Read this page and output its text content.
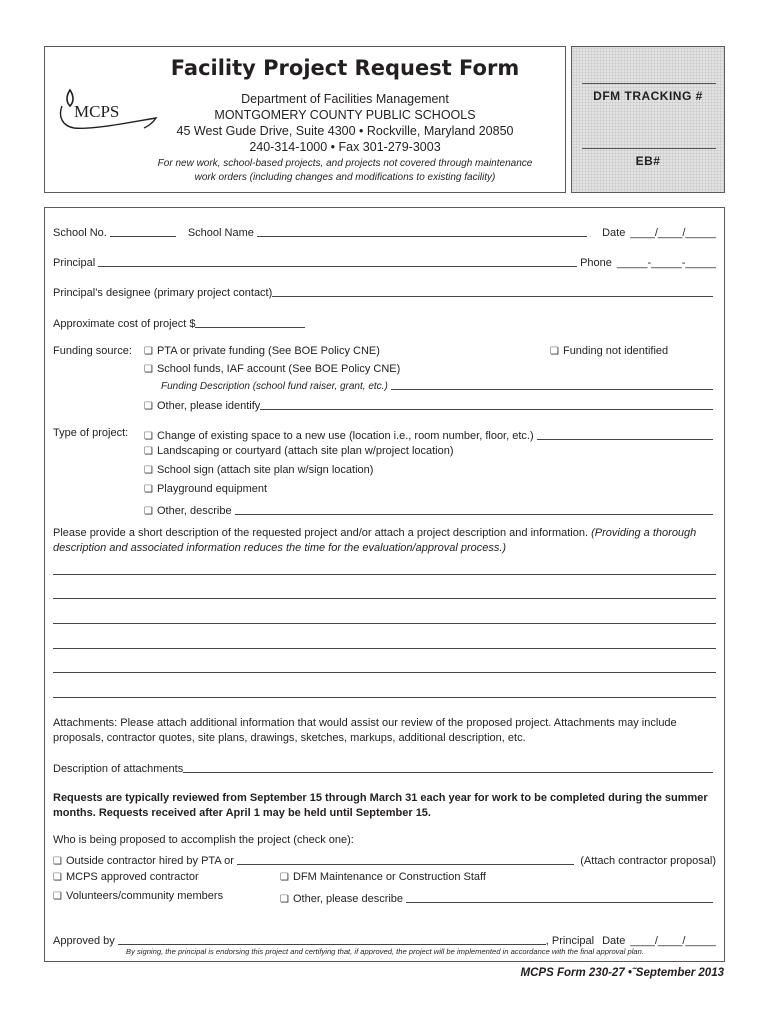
MCPS
Facility Project Request Form
Department of Facilities Management
MONTGOMERY COUNTY PUBLIC SCHOOLS
45 West Gude Drive, Suite 4300 • Rockville, Maryland 20850
240-314-1000 • Fax 301-279-3003
For new work, school-based projects, and projects not covered through maintenance
work orders (including changes and modifications to existing facility)
DFM TRACKING #
EB#
School No.	School Name	Date ____/____/_____
Principal	Phone _____-_____-_____
Principal’s designee (primary project contact)
Approximate cost of project $
Funding source: ❏ PTA or private funding (See BOE Policy CNE)	❏ Funding not identified
❏ School funds, IAF account (See BOE Policy CNE)
Funding Description (school fund raiser, grant, etc.)
❏ Other, please identify
Type of project: ❏ Change of existing space to a new use (location i.e., room number, floor, etc.)
❏ Landscaping or courtyard (attach site plan w/project location)
❏ School sign (attach site plan w/sign location)
❏ Playground equipment
❏ Other, describe
Please provide a short description of the requested project and/or attach a project description and information. (Providing a thorough description and associated information reduces the time for the evaluation/approval process.)
Attachments: Please attach additional information that would assist our review of the proposed project. Attachments may include proposals, contractor quotes, site plans, drawings, sketches, markups, additional description, etc.
Description of attachments
Requests are typically reviewed from September 15 through March 31 each year for work to be completed during the summer months. Requests received after April 1 may be held until September 15.
Who is being proposed to accomplish the project (check one):
❏ Outside contractor hired by PTA or	(Attach contractor proposal)
❏ MCPS approved contractor	❏ DFM Maintenance or Construction Staff
❏ Volunteers/community members	❏ Other, please describe
Approved by	, Principal Date ____/____/_____
By signing, the principal is endorsing this project and certifying that, if approved, the project will be implemented in accordance with the final approval plan.
MCPS Form 230-27 •˜September 2013
